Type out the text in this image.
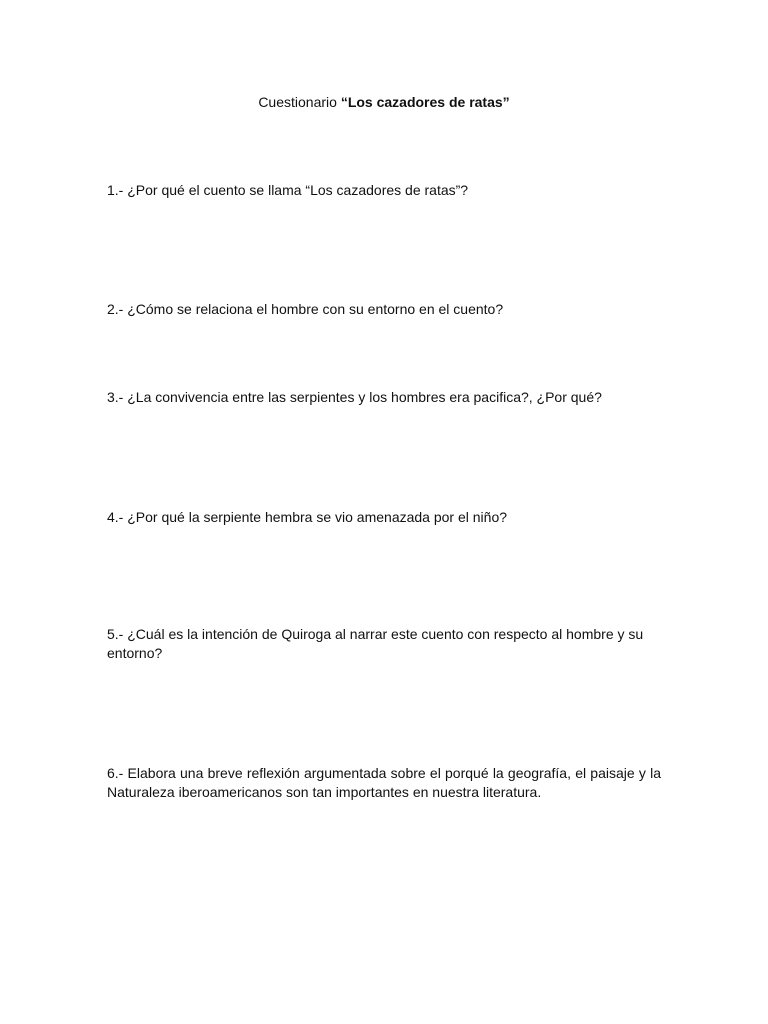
Cuestionario “Los cazadores de ratas”

1.- ¿Por qué el cuento se llama “Los cazadores de ratas”?

2.- ¿Cómo se relaciona el hombre con su entorno en el cuento?

3.- ¿La convivencia entre las serpientes y los hombres era pacifica?, ¿Por qué?

4.- ¿Por qué la serpiente hembra se vio amenazada por el niño?

5.- ¿Cuál es la intención de Quiroga al narrar este cuento con respecto al hombre y su entorno?

6.- Elabora una breve reflexión argumentada sobre el porqué la geografía, el paisaje y la Naturaleza iberoamericanos son tan importantes en nuestra literatura.
